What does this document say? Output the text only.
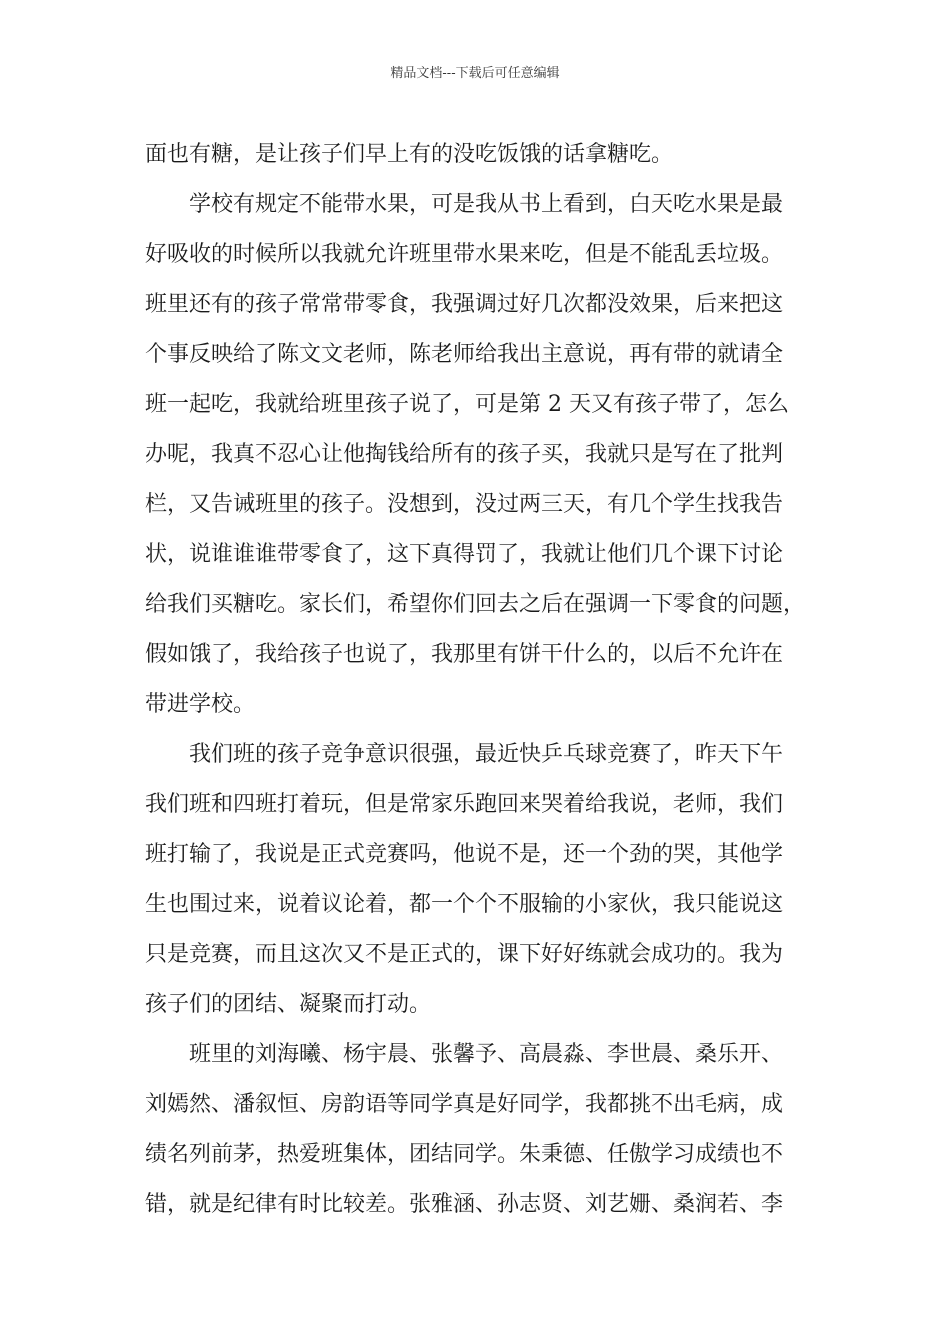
精品文档---下载后可任意编辑
面也有糖，是让孩子们早上有的没吃饭饿的话拿糖吃。
学校有规定不能带水果，可是我从书上看到，白天吃水果是最
好吸收的时候所以我就允许班里带水果来吃，但是不能乱丢垃圾。
班里还有的孩子常常带零食，我强调过好几次都没效果，后来把这
个事反映给了陈文文老师，陈老师给我出主意说，再有带的就请全
班一起吃，我就给班里孩子说了，可是第 2 天又有孩子带了，怎么
办呢，我真不忍心让他掏钱给所有的孩子买，我就只是写在了批判
栏，又告诫班里的孩子。没想到，没过两三天，有几个学生找我告
状，说谁谁谁带零食了，这下真得罚了，我就让他们几个课下讨论
给我们买糖吃。家长们，希望你们回去之后在强调一下零食的问题，
假如饿了，我给孩子也说了，我那里有饼干什么的，以后不允许在
带进学校。
我们班的孩子竞争意识很强，最近快乒乓球竞赛了，昨天下午
我们班和四班打着玩，但是常家乐跑回来哭着给我说，老师，我们
班打输了，我说是正式竞赛吗，他说不是，还一个劲的哭，其他学
生也围过来，说着议论着，都一个个不服输的小家伙，我只能说这
只是竞赛，而且这次又不是正式的，课下好好练就会成功的。我为
孩子们的团结、凝聚而打动。
班里的刘海曦、杨宇晨、张馨予、高晨淼、李世晨、桑乐开、
刘嫣然、潘叙恒、房韵语等同学真是好同学，我都挑不出毛病，成
绩名列前茅，热爱班集体，团结同学。朱秉德、任傲学习成绩也不
错，就是纪律有时比较差。张雅涵、孙志贤、刘艺姗、桑润若、李
